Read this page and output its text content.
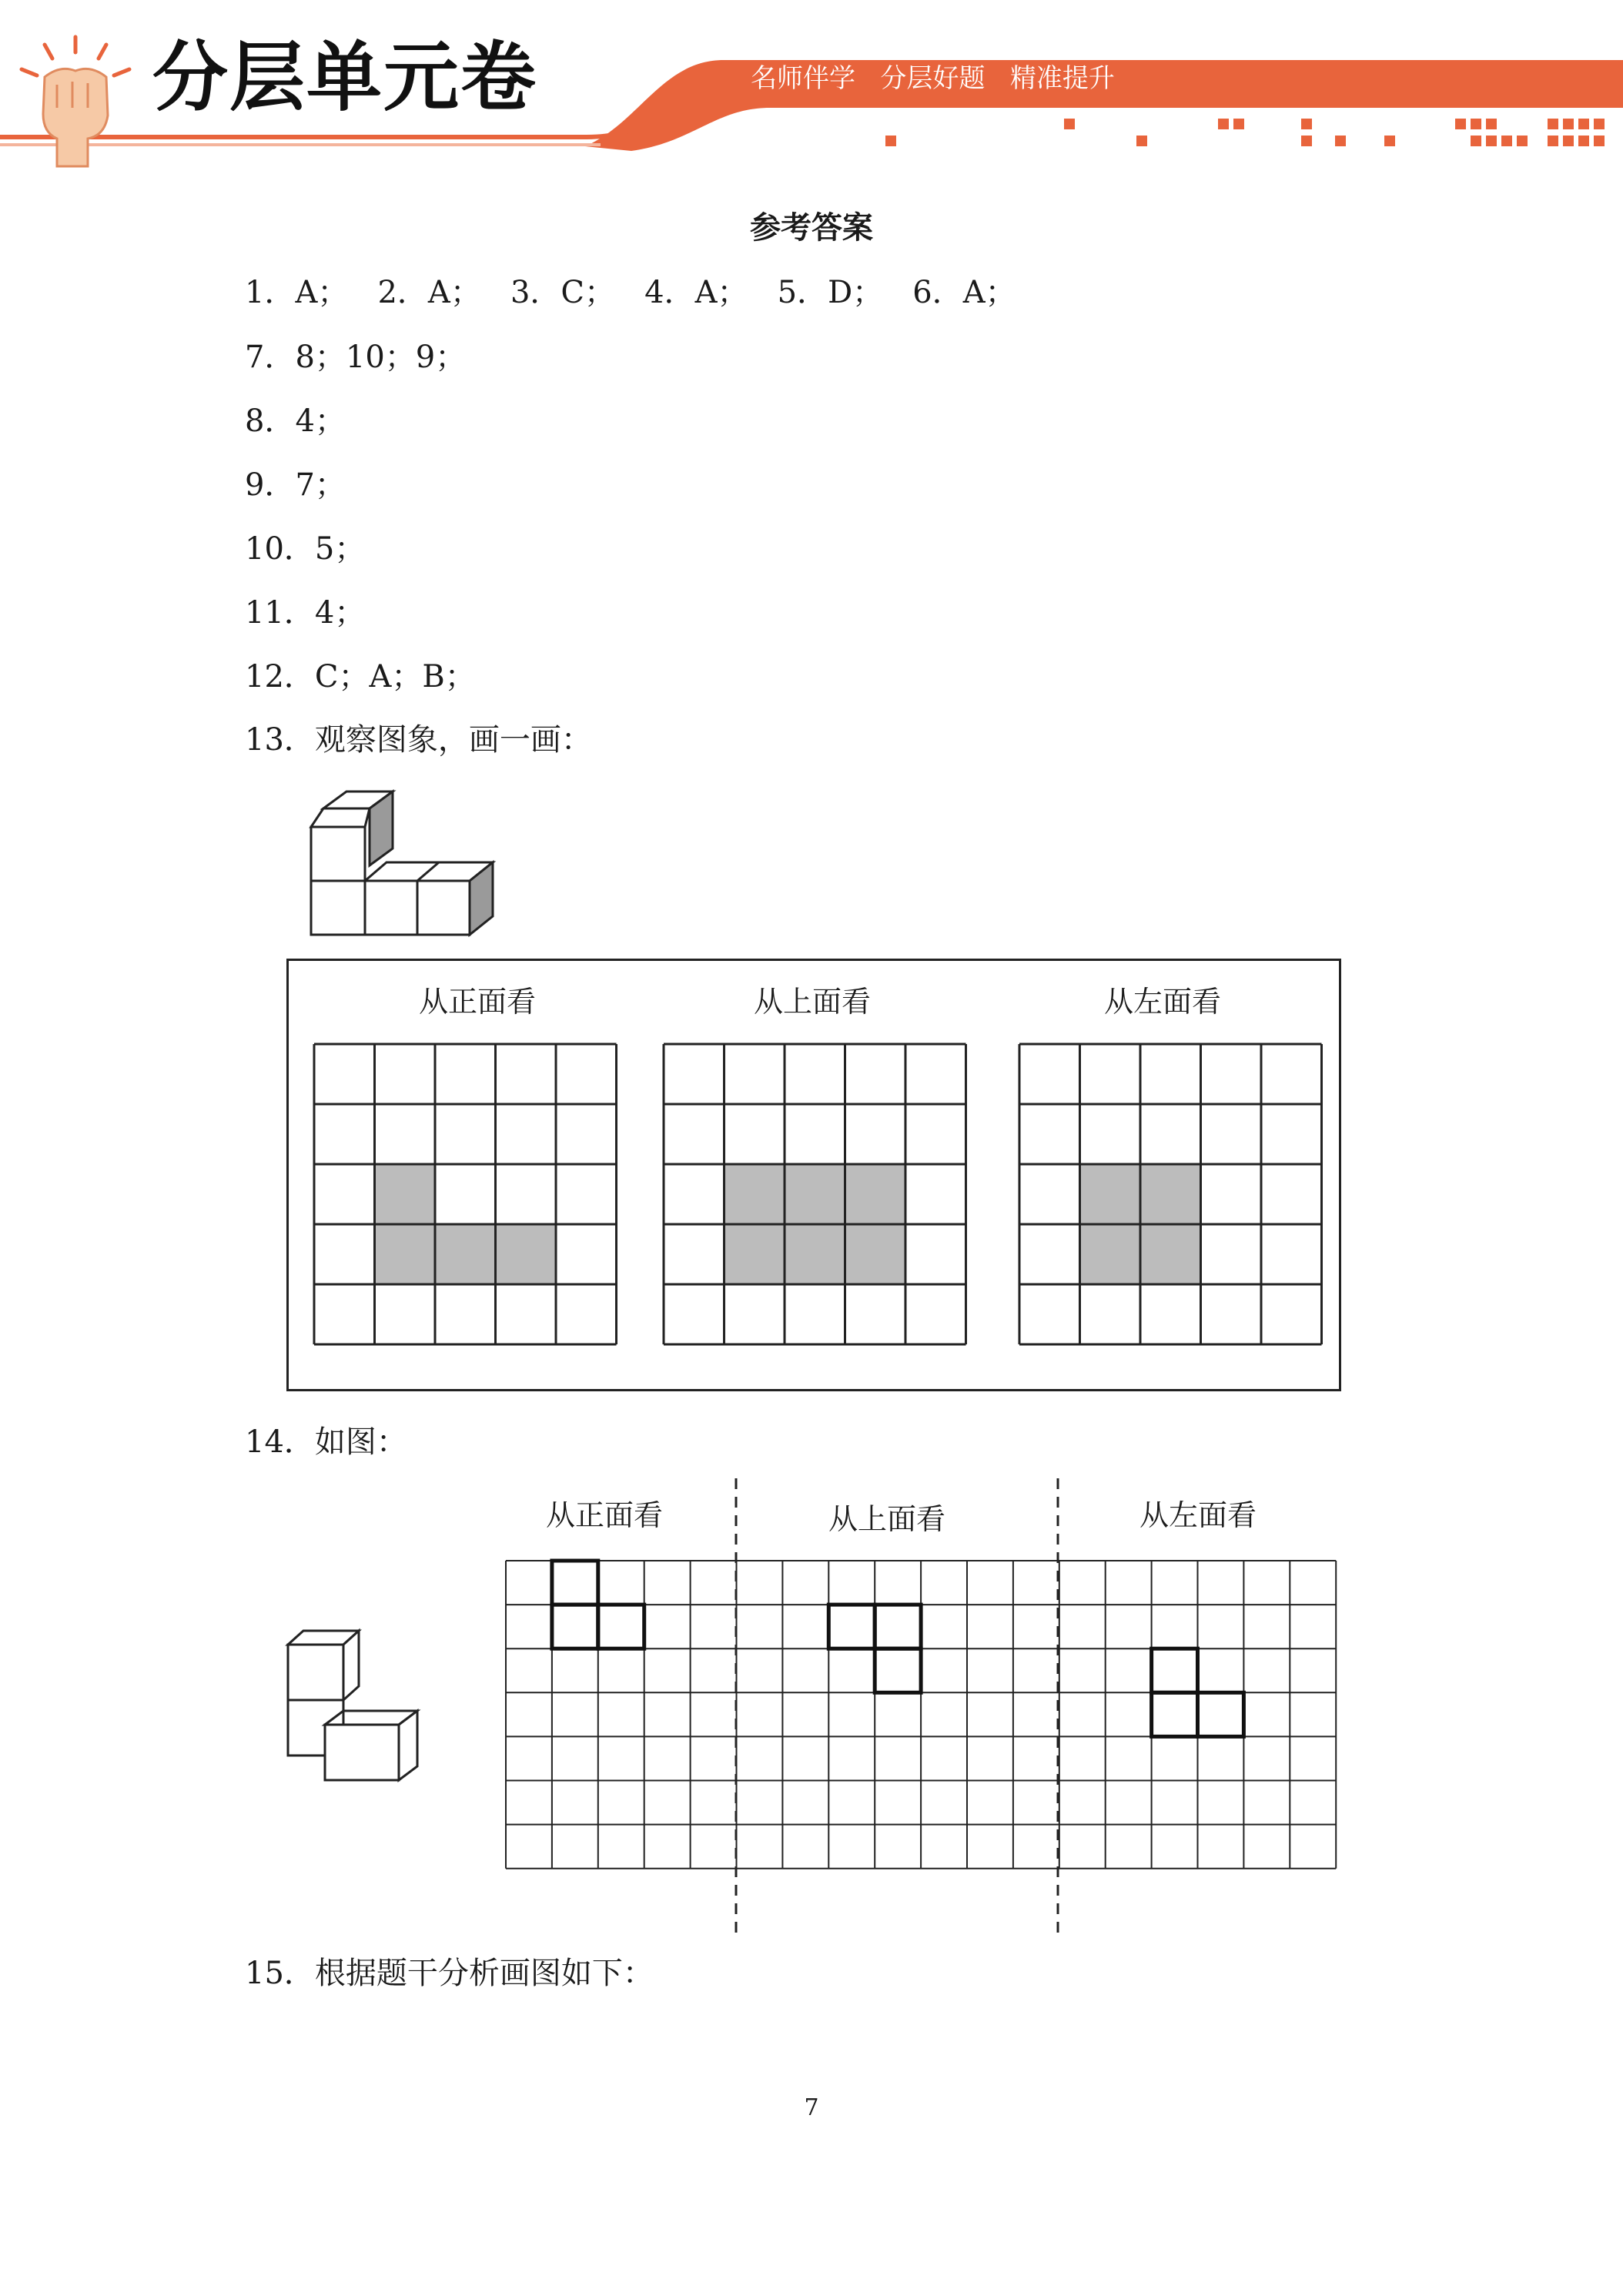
分层单元卷	名师伴学   分层好题   精准提升
参考答案
1．A；   2．A；   3．C；   4．A；   5．D；   6．A；
7．8；10；9；
8．4；
9．7；
10．5；
11．4；
12．C；A；B；
13．观察图象，画一画：
从正面看	从上面看	从左面看
14．如图：
从正面看	从上面看	从左面看
15．根据题干分析画图如下：
7
